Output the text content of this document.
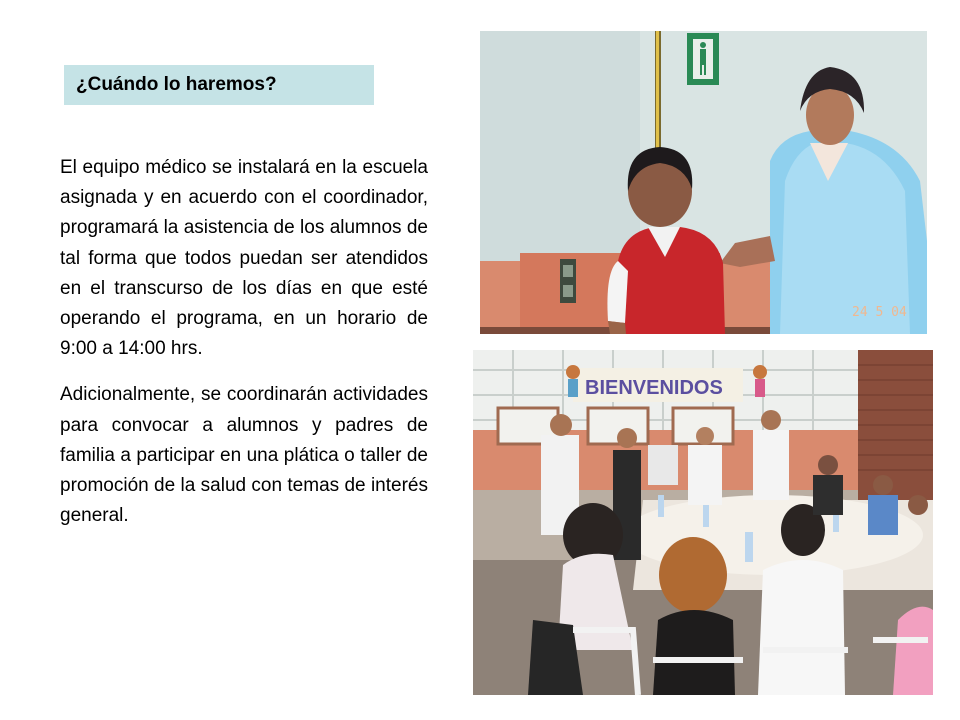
¿Cuándo lo haremos?

El equipo médico se instalará en la escuela asignada y en acuerdo con el coordinador, programará la asistencia de los alumnos de tal forma que todos puedan ser atendidos en el transcurso de los días en que esté operando el programa, en un horario de 9:00 a 14:00 hrs.

Adicionalmente, se coordinarán actividades para convocar a alumnos y padres de familia a participar en una plática o taller de promoción de la salud con temas de interés general.

24 5 04
BIENVENIDOS
